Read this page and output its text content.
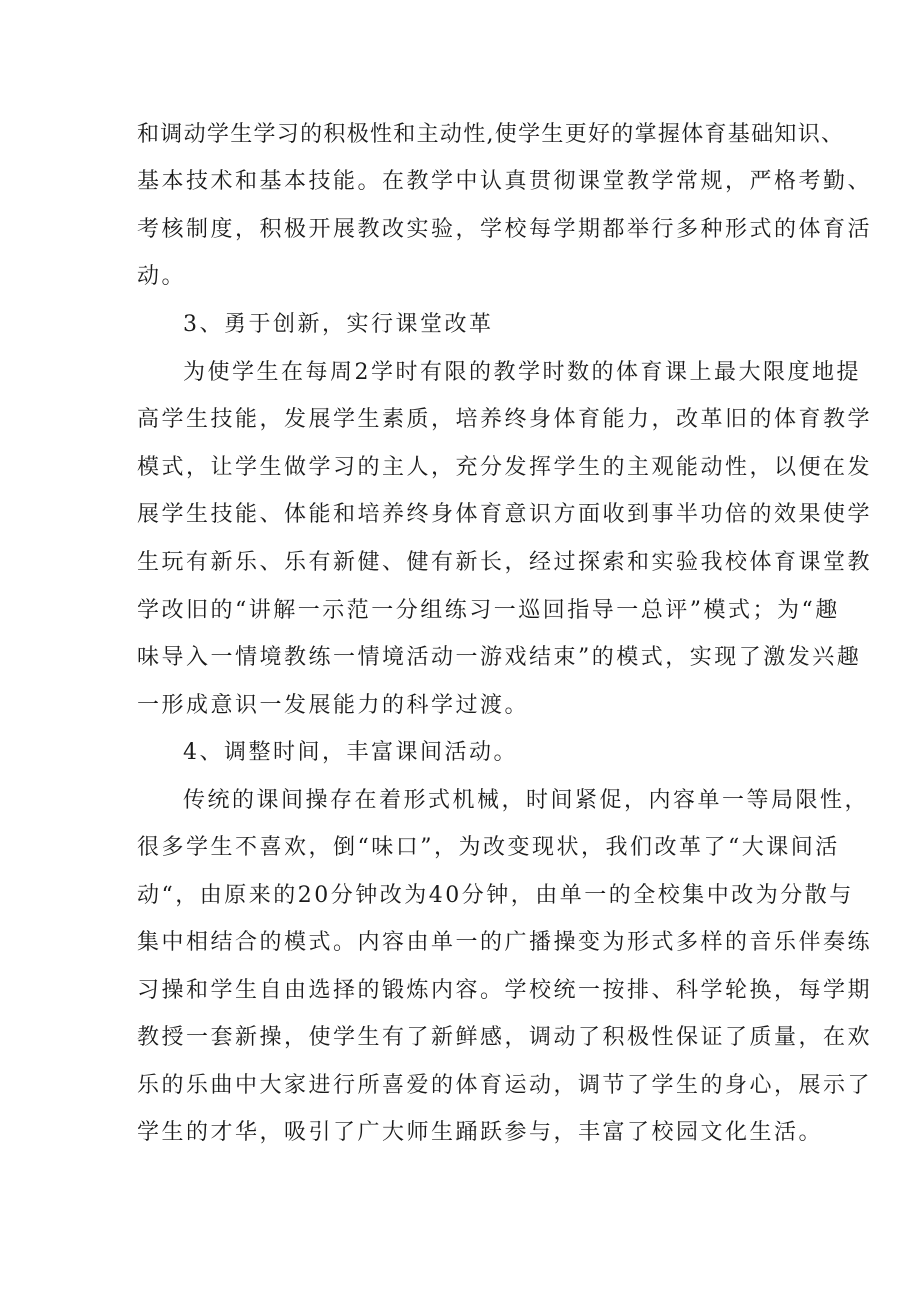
和调动学生学习的积极性和主动性,使学生更好的掌握体育基础知识、
基本技术和基本技能。在教学中认真贯彻课堂教学常规，严格考勤、
考核制度，积极开展教改实验，学校每学期都举行多种形式的体育活
动。
3、勇于创新，实行课堂改革
为使学生在每周2学时有限的教学时数的体育课上最大限度地提
高学生技能，发展学生素质，培养终身体育能力，改革旧的体育教学
模式，让学生做学习的主人，充分发挥学生的主观能动性，以便在发
展学生技能、体能和培养终身体育意识方面收到事半功倍的效果使学
生玩有新乐、乐有新健、健有新长，经过探索和实验我校体育课堂教
学改旧的“讲解一示范一分组练习一巡回指导一总评”模式；为“趣
味导入一情境教练一情境活动一游戏结束”的模式，实现了激发兴趣
一形成意识一发展能力的科学过渡。
4、调整时间，丰富课间活动。
传统的课间操存在着形式机械，时间紧促，内容单一等局限性，
很多学生不喜欢，倒“味口”，为改变现状，我们改革了“大课间活
动“，由原来的20分钟改为40分钟，由单一的全校集中改为分散与
集中相结合的模式。内容由单一的广播操变为形式多样的音乐伴奏练
习操和学生自由选择的锻炼内容。学校统一按排、科学轮换，每学期
教授一套新操，使学生有了新鲜感，调动了积极性保证了质量，在欢
乐的乐曲中大家进行所喜爱的体育运动，调节了学生的身心，展示了
学生的才华，吸引了广大师生踊跃参与，丰富了校园文化生活。
